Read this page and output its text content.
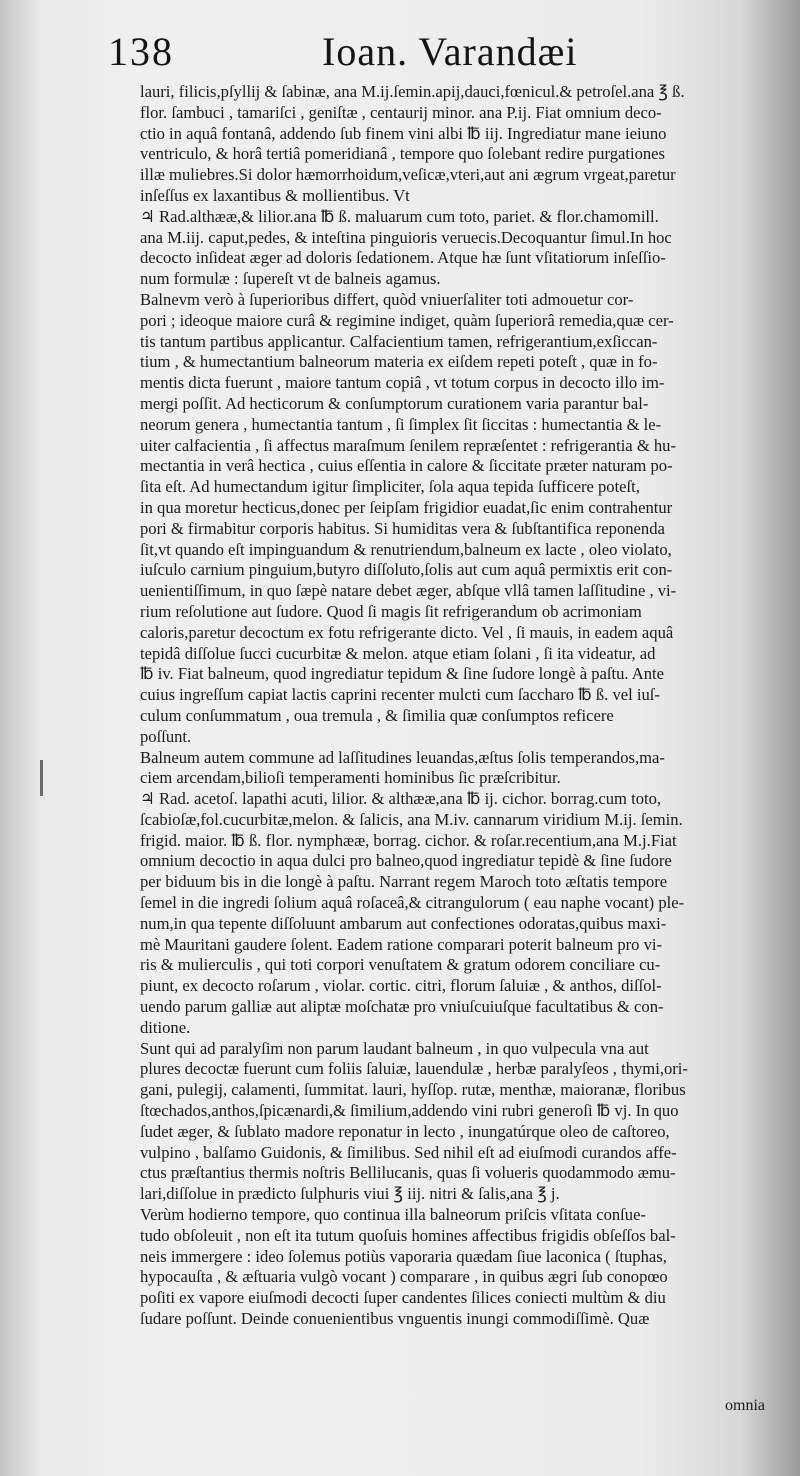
138	Ioan. Varandæi
lauri, filicis,pſyllij & ſabinæ, ana M.ij.ſemin.apij,dauci,fœnicul.& petroſel.ana ℥ ß.
flor. ſambuci , tamariſci , geniſtæ , centaurij minor. ana P.ij. Fiat omnium deco-
ctio in aquâ fontanâ, addendo ſub finem vini albi ℔ iij. Ingrediatur mane ieiuno
ventriculo, & horâ tertiâ pomeridianâ , tempore quo ſolebant redire purgationes
illæ muliebres.Si dolor hæmorrhoidum,veſicæ,vteri,aut ani ægrum vrgeat,paretur
inſeſſus ex laxantibus & mollientibus. Vt
♃ Rad.althææ,& lilior.ana ℔ ß. maluarum cum toto, pariet. & flor.chamomill.
ana M.iij. caput,pedes, & inteſtina pinguioris veruecis.Decoquantur ſimul.In hoc
decocto inſideat æger ad doloris ſedationem. Atque hæ ſunt vſitatiorum inſeſſio-
num formulæ : ſupereſt vt de balneis agamus.
Balnevm verò à ſuperioribus differt, quòd vniuerſaliter toti admouetur cor-
pori ; ideoque maiore curâ & regimine indiget, quàm ſuperiorâ remedia,quæ cer-
tis tantum partibus applicantur. Calfacientium tamen, refrigerantium,exſiccan-
tium , & humectantium balneorum materia ex eiſdem repeti poteſt , quæ in fo-
mentis dicta fuerunt , maiore tantum copiâ , vt totum corpus in decocto illo im-
mergi poſſit. Ad hecticorum & conſumptorum curationem varia parantur bal-
neorum genera , humectantia tantum , ſi ſimplex ſit ſiccitas : humectantia & le-
uiter calfacientia , ſi affectus maraſmum ſenilem repræſentet : refrigerantia & hu-
mectantia in verâ hectica , cuius eſſentia in calore & ſiccitate præter naturam po-
ſita eſt. Ad humectandum igitur ſimpliciter, ſola aqua tepida ſufficere poteſt,
in qua moretur hecticus,donec per ſeipſam frigidior euadat,ſic enim contrahentur
pori & firmabitur corporis habitus. Si humiditas vera & ſubſtantifica reponenda
ſit,vt quando eſt impinguandum & renutriendum,balneum ex lacte , oleo violato,
iuſculo carnium pinguium,butyro diſſoluto,ſolis aut cum aquâ permixtis erit con-
uenientiſſimum, in quo ſæpè natare debet æger, abſque vllâ tamen laſſitudine , vi-
rium reſolutione aut ſudore. Quod ſi magis ſit refrigerandum ob acrimoniam
caloris,paretur decoctum ex fotu refrigerante dicto. Vel , ſi mauis, in eadem aquâ
tepidâ diſſolue ſucci cucurbitæ & melon. atque etiam ſolani , ſi ita videatur, ad
℔ iv. Fiat balneum, quod ingrediatur tepidum & ſine ſudore longè à paſtu. Ante
cuius ingreſſum capiat lactis caprini recenter mulcti cum ſaccharo ℔ ß. vel iuſ-
culum conſummatum , oua tremula , & ſimilia quæ conſumptos reficere
poſſunt.
Balneum autem commune ad laſſitudines leuandas,æſtus ſolis temperandos,ma-
ciem arcendam,bilioſi temperamenti hominibus ſic præſcribitur.
♃ Rad. acetoſ. lapathi acuti, lilior. & althææ,ana ℔ ij. cichor. borrag.cum toto,
ſcabioſæ,fol.cucurbitæ,melon. & ſalicis, ana M.iv. cannarum viridium M.ij. ſemin.
frigid. maior. ℔ ß. flor. nymphææ, borrag. cichor. & roſar.recentium,ana M.j.Fiat
omnium decoctio in aqua dulci pro balneo,quod ingrediatur tepidè & ſine ſudore
per biduum bis in die longè à paſtu. Narrant regem Maroch toto æſtatis tempore
ſemel in die ingredi ſolium aquâ roſaceâ,& citrangulorum ( eau naphe vocant) ple-
num,in qua tepente diſſoluunt ambarum aut confectiones odoratas,quibus maxi-
mè Mauritani gaudere ſolent. Eadem ratione comparari poterit balneum pro vi-
ris & mulierculis , qui toti corpori venuſtatem & gratum odorem conciliare cu-
piunt, ex decocto roſarum , violar. cortic. citri, florum ſaluiæ , & anthos, diſſol-
uendo parum galliæ aut aliptæ moſchatæ pro vniuſcuiuſque facultatibus & con-
ditione.
Sunt qui ad paralyſim non parum laudant balneum , in quo vulpecula vna aut
plures decoctæ fuerunt cum foliis ſaluiæ, lauendulæ , herbæ paralyſeos , thymi,ori-
gani, pulegij, calamenti, ſummitat. lauri, hyſſop. rutæ, menthæ, maioranæ, floribus
ſtœchados,anthos,ſpicænardi,& ſimilium,addendo vini rubri generoſi ℔ vj. In quo
ſudet æger, & ſublato madore reponatur in lecto , inungatúrque oleo de caſtoreo,
vulpino , balſamo Guidonis, & ſimilibus. Sed nihil eſt ad eiuſmodi curandos affe-
ctus præſtantius thermis noſtris Bellilucanis, quas ſi volueris quodammodo æmu-
lari,diſſolue in prædicto ſulphuris viui ℥ iij. nitri & ſalis,ana ℥ j.
Verùm hodierno tempore, quo continua illa balneorum priſcis vſitata conſue-
tudo obſoleuit , non eſt ita tutum quoſuis homines affectibus frigidis obſeſſos bal-
neis immergere : ideo ſolemus potiùs vaporaria quædam ſiue laconica ( ſtuphas,
hypocauſta , & æſtuaria vulgò vocant ) comparare , in quibus ægri ſub conopœo
poſiti ex vapore eiuſmodi decocti ſuper candentes ſilices coniecti multùm & diu
ſudare poſſunt. Deinde conuenientibus vnguentis inungi commodiſſimè. Quæ
omnia
